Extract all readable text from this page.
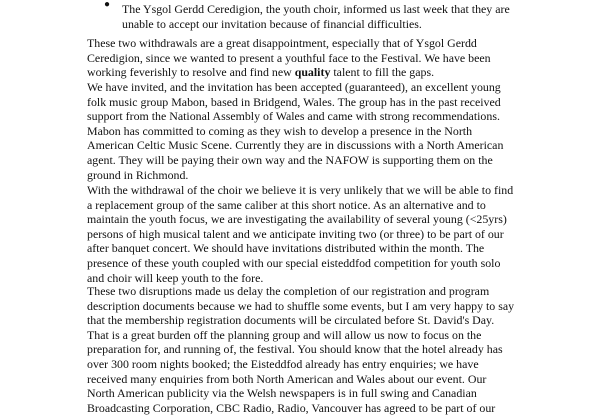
●	The Ysgol Gerdd Ceredigion, the youth choir, informed us last week that they are
unable to accept our invitation because of financial difficulties.

These two withdrawals are a great disappointment, especially that of Ysgol Gerdd
Ceredigion, since we wanted to present a youthful face to the Festival. We have been
working feverishly to resolve and find new quality talent to fill the gaps.

We have invited, and the invitation has been accepted (guaranteed), an excellent young
folk music group Mabon, based in Bridgend, Wales. The group has in the past received
support from the National Assembly of Wales and came with strong recommendations.
Mabon has committed to coming as they wish to develop a presence in the North
American Celtic Music Scene. Currently they are in discussions with a North American
agent. They will be paying their own way and the NAFOW is supporting them on the
ground in Richmond.

With the withdrawal of the choir we believe it is very unlikely that we will be able to find
a replacement group of the same caliber at this short notice. As an alternative and to
maintain the youth focus, we are investigating the availability of several young (<25yrs)
persons of high musical talent and we anticipate inviting two (or three) to be part of our
after banquet concert. We should have invitations distributed within the month. The
presence of these youth coupled with our special eisteddfod competition for youth solo
and choir will keep youth to the fore.

These two disruptions made us delay the completion of our registration and program
description documents because we had to shuffle some events, but I am very happy to say
that the membership registration documents will be circulated before St. David's Day.
That is a great burden off the planning group and will allow us now to focus on the
preparation for, and running of, the festival. You should know that the hotel already has
over 300 room nights booked; the Eisteddfod already has entry enquiries; we have
received many enquiries from both North American and Wales about our event. Our
North American publicity via the Welsh newspapers is in full swing and Canadian
Broadcasting Corporation, CBC Radio, Radio, Vancouver has agreed to be part of our
